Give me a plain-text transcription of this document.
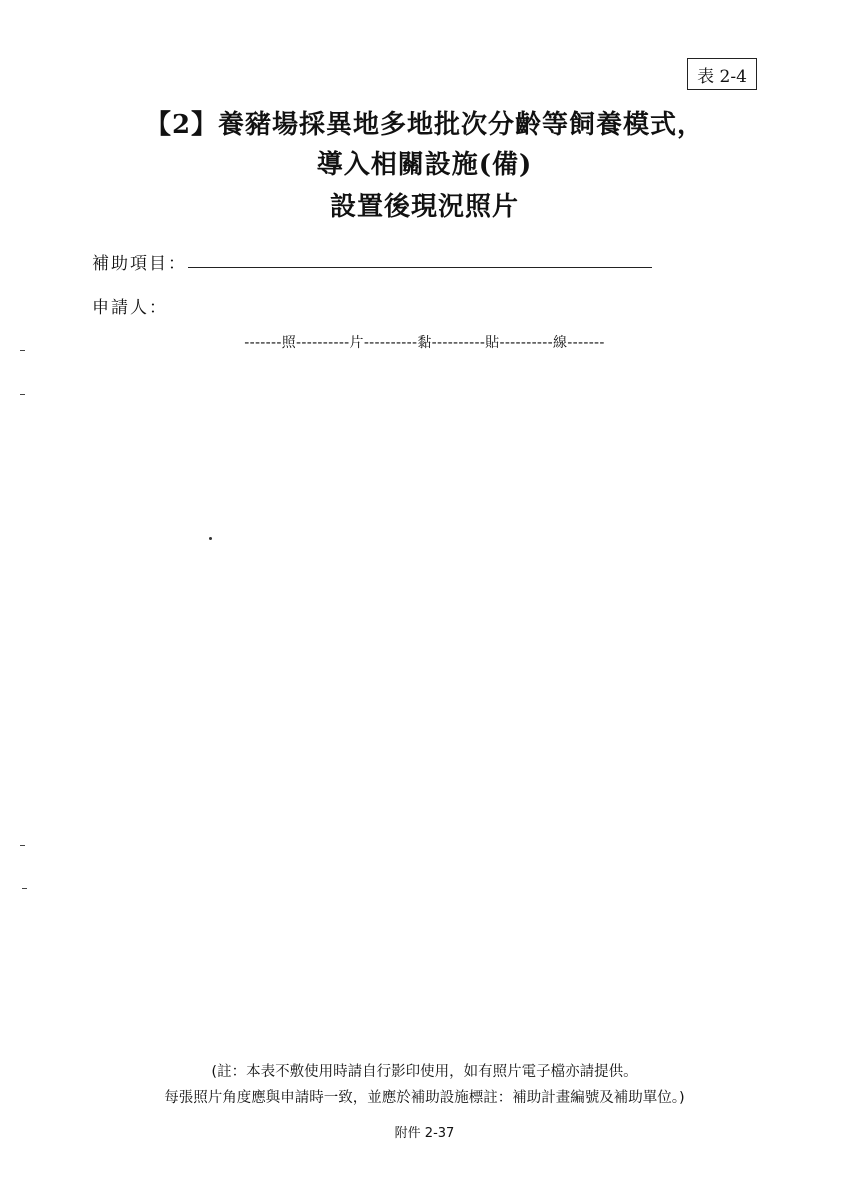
表 2-4
【2】養豬場採異地多地批次分齡等飼養模式，
導入相關設施(備)
設置後現況照片
補助項目：
申請人：
-------照----------片----------黏----------貼----------線-------
(註：本表不敷使用時請自行影印使用，如有照片電子檔亦請提供。
每張照片角度應與申請時一致，並應於補助設施標註：補助計畫編號及補助單位。)
附件 2-37
